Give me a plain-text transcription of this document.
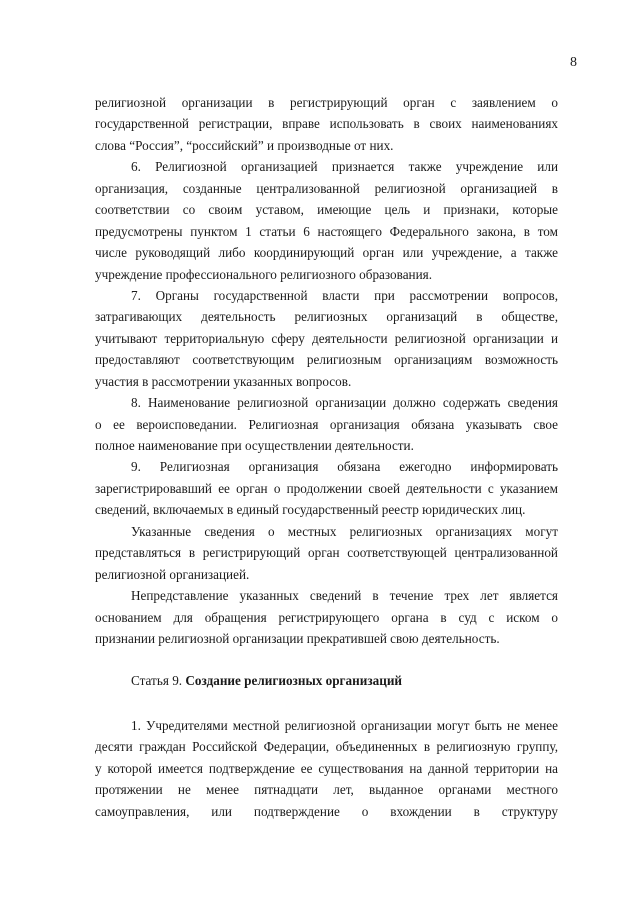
8
религиозной организации в регистрирующий орган с заявлением о
государственной регистрации, вправе использовать в своих наименованиях
слова “Россия”, “российский” и производные от них.
6. Религиозной организацией признается также учреждение или
организация, созданные централизованной религиозной организацией в
соответствии со своим уставом, имеющие цель и признаки, которые
предусмотрены пунктом 1 статьи 6 настоящего Федерального закона, в том
числе руководящий либо координирующий орган или учреждение, а также
учреждение профессионального религиозного образования.
7. Органы государственной власти при рассмотрении вопросов,
затрагивающих деятельность религиозных организаций в обществе,
учитывают территориальную сферу деятельности религиозной организации и
предоставляют соответствующим религиозным организациям возможность
участия в рассмотрении указанных вопросов.
8. Наименование религиозной организации должно содержать сведения
о ее вероисповедании. Религиозная организация обязана указывать свое
полное наименование при осуществлении деятельности.
9. Религиозная организация обязана ежегодно информировать
зарегистрировавший ее орган о продолжении своей деятельности с указанием
сведений, включаемых в единый государственный реестр юридических лиц.
Указанные сведения о местных религиозных организациях могут
представляться в регистрирующий орган соответствующей централизованной
религиозной организацией.
Непредставление указанных сведений в течение трех лет является
основанием для обращения регистрирующего органа в суд с иском о
признании религиозной организации прекратившей свою деятельность.
Статья 9. Создание религиозных организаций
1. Учредителями местной религиозной организации могут быть не менее
десяти граждан Российской Федерации, объединенных в религиозную группу,
у которой имеется подтверждение ее существования на данной территории на
протяжении не менее пятнадцати лет, выданное органами местного
самоуправления, или подтверждение о вхождении в структуру
